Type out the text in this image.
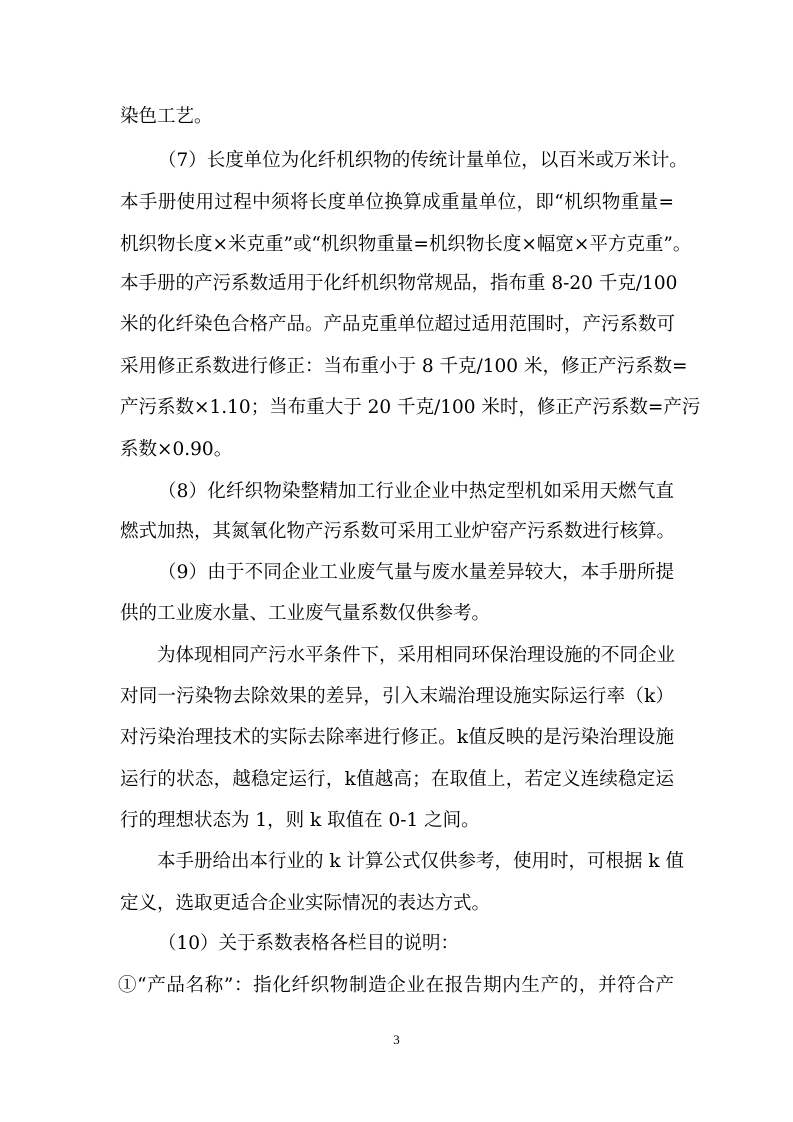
染色工艺。
（7）长度单位为化纤机织物的传统计量单位，以百米或万米计。
本手册使用过程中须将长度单位换算成重量单位，即“机织物重量=
机织物长度×米克重”或“机织物重量=机织物长度×幅宽×平方克重”。
本手册的产污系数适用于化纤机织物常规品，指布重 8-20 千克/100
米的化纤染色合格产品。产品克重单位超过适用范围时，产污系数可
采用修正系数进行修正：当布重小于 8 千克/100 米，修正产污系数=
产污系数×1.10；当布重大于 20 千克/100 米时，修正产污系数=产污
系数×0.90。
（8）化纤织物染整精加工行业企业中热定型机如采用天燃气直
燃式加热，其氮氧化物产污系数可采用工业炉窑产污系数进行核算。
（9）由于不同企业工业废气量与废水量差异较大，本手册所提
供的工业废水量、工业废气量系数仅供参考。
为体现相同产污水平条件下，采用相同环保治理设施的不同企业
对同一污染物去除效果的差异，引入末端治理设施实际运行率（k）
对污染治理技术的实际去除率进行修正。k值反映的是污染治理设施
运行的状态，越稳定运行，k值越高；在取值上，若定义连续稳定运
行的理想状态为 1，则 k 取值在 0-1 之间。
本手册给出本行业的 k 计算公式仅供参考，使用时，可根据 k 值
定义，选取更适合企业实际情况的表达方式。
（10）关于系数表格各栏目的说明：
①“产品名称”：指化纤织物制造企业在报告期内生产的，并符合产
3
